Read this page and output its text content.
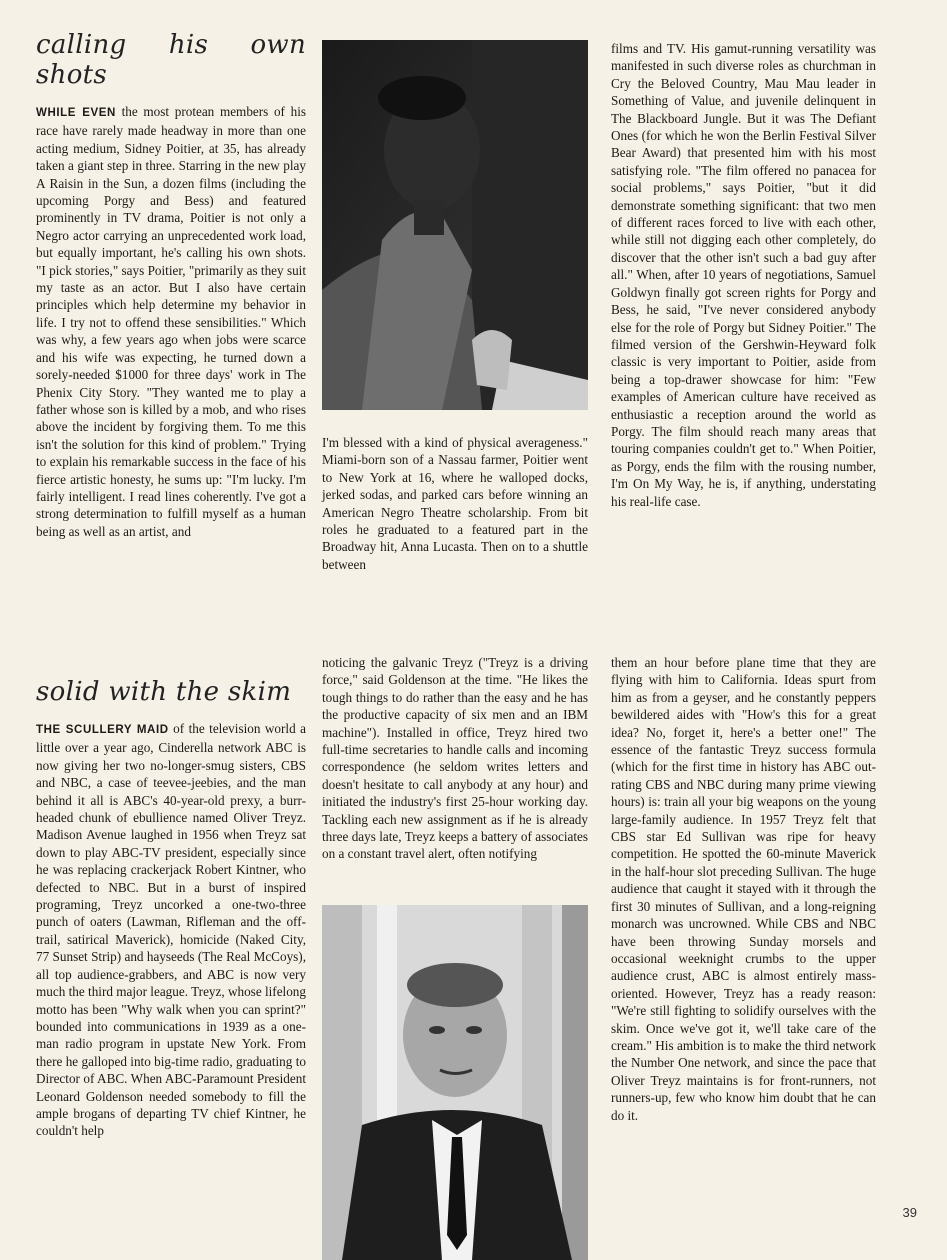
calling his own shots

WHILE EVEN the most protean members of his race have rarely made headway in more than one acting medium, Sidney Poitier, at 35, has already taken a giant step in three. Starring in the new play A Raisin in the Sun, a dozen films (including the upcoming Porgy and Bess) and featured prominently in TV drama, Poitier is not only a Negro actor carrying an unprecedented work load, but equally important, he's calling his own shots. "I pick stories," says Poitier, "primarily as they suit my taste as an actor. But I also have certain principles which help determine my behavior in life. I try not to offend these sensibilities." Which was why, a few years ago when jobs were scarce and his wife was expecting, he turned down a sorely-needed $1000 for three days' work in The Phenix City Story. "They wanted me to play a father whose son is killed by a mob, and who rises above the incident by forgiving them. To me this isn't the solution for this kind of problem." Trying to explain his remarkable success in the face of his fierce artistic honesty, he sums up: "I'm lucky. I'm fairly intelligent. I read lines coherently. I've got a strong determination to fulfill myself as a human being as well as an artist, and

I'm blessed with a kind of physical averageness." Miami-born son of a Nassau farmer, Poitier went to New York at 16, where he walloped docks, jerked sodas, and parked cars before winning an American Negro Theatre scholarship. From bit roles he graduated to a featured part in the Broadway hit, Anna Lucasta. Then on to a shuttle between

films and TV. His gamut-running versatility was manifested in such diverse roles as churchman in Cry the Beloved Country, Mau Mau leader in Something of Value, and juvenile delinquent in The Blackboard Jungle. But it was The Defiant Ones (for which he won the Berlin Festival Silver Bear Award) that presented him with his most satisfying role. "The film offered no panacea for social problems," says Poitier, "but it did demonstrate something significant: that two men of different races forced to live with each other, while still not digging each other completely, do discover that the other isn't such a bad guy after all." When, after 10 years of negotiations, Samuel Goldwyn finally got screen rights for Porgy and Bess, he said, "I've never considered anybody else for the role of Porgy but Sidney Poitier." The filmed version of the Gershwin-Heyward folk classic is very important to Poitier, aside from being a top-drawer showcase for him: "Few examples of American culture have received as enthusiastic a reception around the world as Porgy. The film should reach many areas that touring companies couldn't get to." When Poitier, as Porgy, ends the film with the rousing number, I'm On My Way, he is, if anything, understating his real-life case.

solid with the skim

THE SCULLERY MAID of the television world a little over a year ago, Cinderella network ABC is now giving her two no-longer-smug sisters, CBS and NBC, a case of teevee-jeebies, and the man behind it all is ABC's 40-year-old prexy, a burr-headed chunk of ebullience named Oliver Treyz. Madison Avenue laughed in 1956 when Treyz sat down to play ABC-TV president, especially since he was replacing crackerjack Robert Kintner, who defected to NBC. But in a burst of inspired programing, Treyz uncorked a one-two-three punch of oaters (Lawman, Rifleman and the off-trail, satirical Maverick), homicide (Naked City, 77 Sunset Strip) and hayseeds (The Real McCoys), all top audience-grabbers, and ABC is now very much the third major league. Treyz, whose lifelong motto has been "Why walk when you can sprint?" bounded into communications in 1939 as a one-man radio program in upstate New York. From there he galloped into big-time radio, graduating to Director of ABC. When ABC-Paramount President Leonard Goldenson needed somebody to fill the ample brogans of departing TV chief Kintner, he couldn't help

noticing the galvanic Treyz ("Treyz is a driving force," said Goldenson at the time. "He likes the tough things to do rather than the easy and he has the productive capacity of six men and an IBM machine"). Installed in office, Treyz hired two full-time secretaries to handle calls and incoming correspondence (he seldom writes letters and doesn't hesitate to call anybody at any hour) and initiated the industry's first 25-hour working day. Tackling each new assignment as if he is already three days late, Treyz keeps a battery of associates on a constant travel alert, often notifying

them an hour before plane time that they are flying with him to California. Ideas spurt from him as from a geyser, and he constantly peppers bewildered aides with "How's this for a great idea? No, forget it, here's a better one!" The essence of the fantastic Treyz success formula (which for the first time in history has ABC out-rating CBS and NBC during many prime viewing hours) is: train all your big weapons on the young large-family audience. In 1957 Treyz felt that CBS star Ed Sullivan was ripe for heavy competition. He spotted the 60-minute Maverick in the half-hour slot preceding Sullivan. The huge audience that caught it stayed with it through the first 30 minutes of Sullivan, and a long-reigning monarch was uncrowned. While CBS and NBC have been throwing Sunday morsels and occasional weeknight crumbs to the upper audience crust, ABC is almost entirely mass-oriented. However, Treyz has a ready reason: "We're still fighting to solidify ourselves with the skim. Once we've got it, we'll take care of the cream." His ambition is to make the third network the Number One network, and since the pace that Oliver Treyz maintains is for front-runners, not runners-up, few who know him doubt that he can do it.

39
